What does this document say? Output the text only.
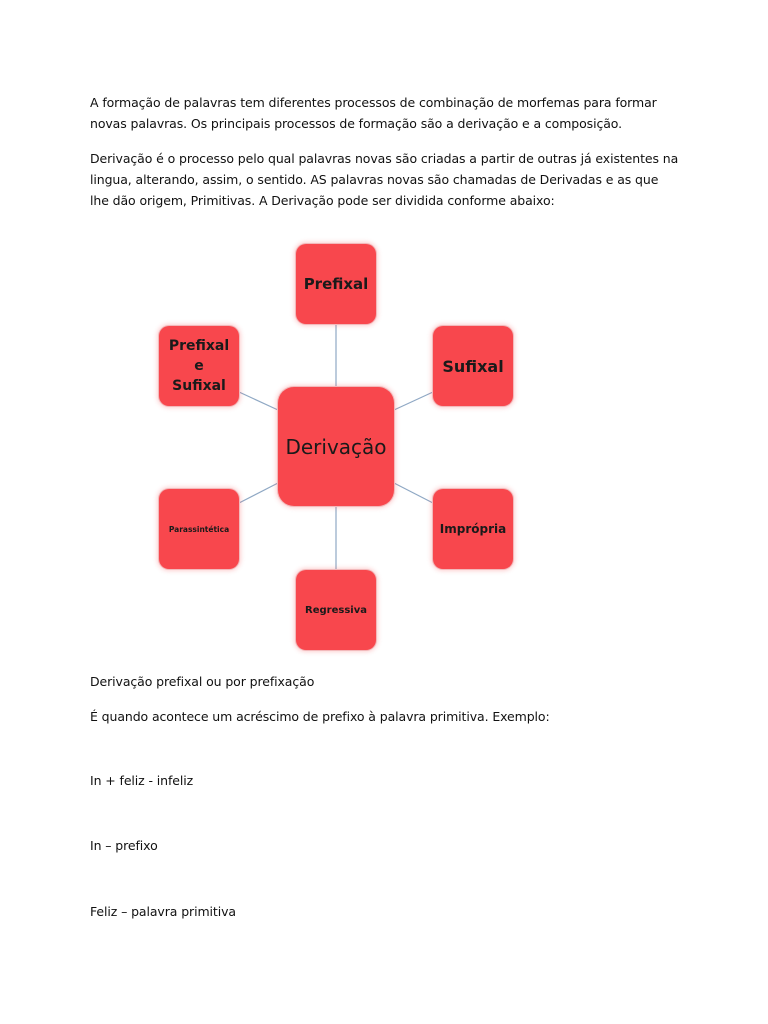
A formação de palavras tem diferentes processos de combinação de morfemas para formar novas palavras. Os principais processos de formação são a derivação e a composição.

Derivação é o processo pelo qual palavras novas são criadas a partir de outras já existentes na lingua, alterando, assim, o sentido. AS palavras novas são chamadas de Derivadas e as que lhe dão origem, Primitivas. A Derivação pode ser dividida conforme abaixo:

Derivação
Prefixal
Sufixal
Prefixal
e
Sufixal
Parassintética	Imprópria
Regressiva

Derivação prefixal ou por prefixação

É quando acontece um acréscimo de prefixo à palavra primitiva. Exemplo:

In + feliz - infeliz

In – prefixo

Feliz – palavra primitiva
